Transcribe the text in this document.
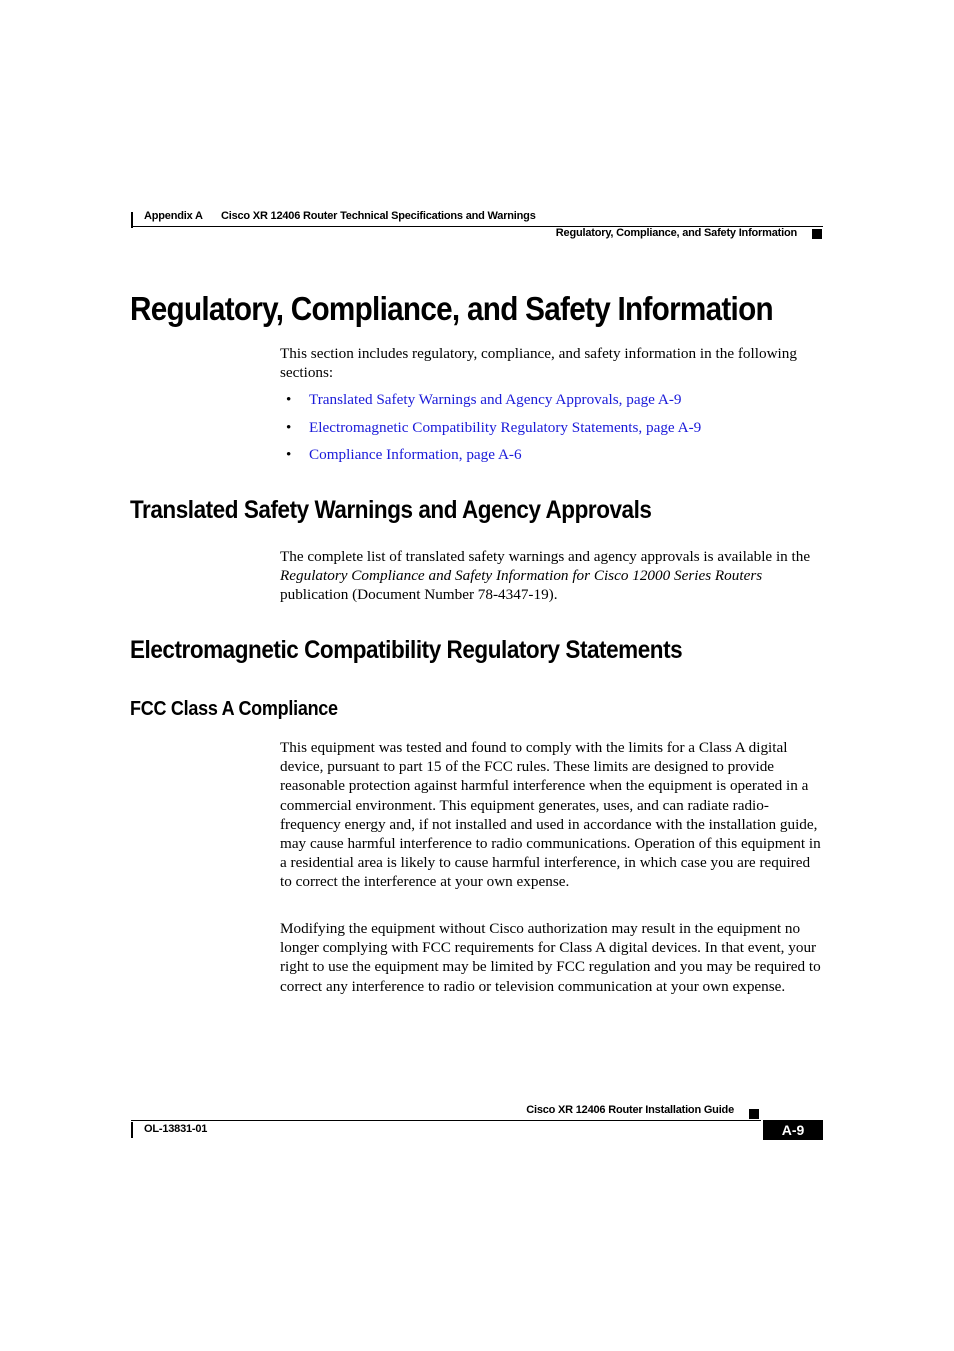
Appendix A Cisco XR 12406 Router Technical Specifications and Warnings
Regulatory, Compliance, and Safety Information
Regulatory, Compliance, and Safety Information

This section includes regulatory, compliance, and safety information in the following sections:

• Translated Safety Warnings and Agency Approvals, page A-9
• Electromagnetic Compatibility Regulatory Statements, page A-9
• Compliance Information, page A-6
Translated Safety Warnings and Agency Approvals

The complete list of translated safety warnings and agency approvals is available in the Regulatory Compliance and Safety Information for Cisco 12000 Series Routers publication (Document Number 78-4347-19).

Electromagnetic Compatibility Regulatory Statements
FCC Class A Compliance

This equipment was tested and found to comply with the limits for a Class A digital device, pursuant to part 15 of the FCC rules. These limits are designed to provide reasonable protection against harmful interference when the equipment is operated in a commercial environment. This equipment generates, uses, and can radiate radio-frequency energy and, if not installed and used in accordance with the installation guide, may cause harmful interference to radio communications. Operation of this equipment in a residential area is likely to cause harmful interference, in which case you are required to correct the interference at your own expense.

Modifying the equipment without Cisco authorization may result in the equipment no longer complying with FCC requirements for Class A digital devices. In that event, your right to use the equipment may be limited by FCC regulation and you may be required to correct any interference to radio or television communication at your own expense.

Cisco XR 12406 Router Installation Guide
OL-13831-01	A-9
